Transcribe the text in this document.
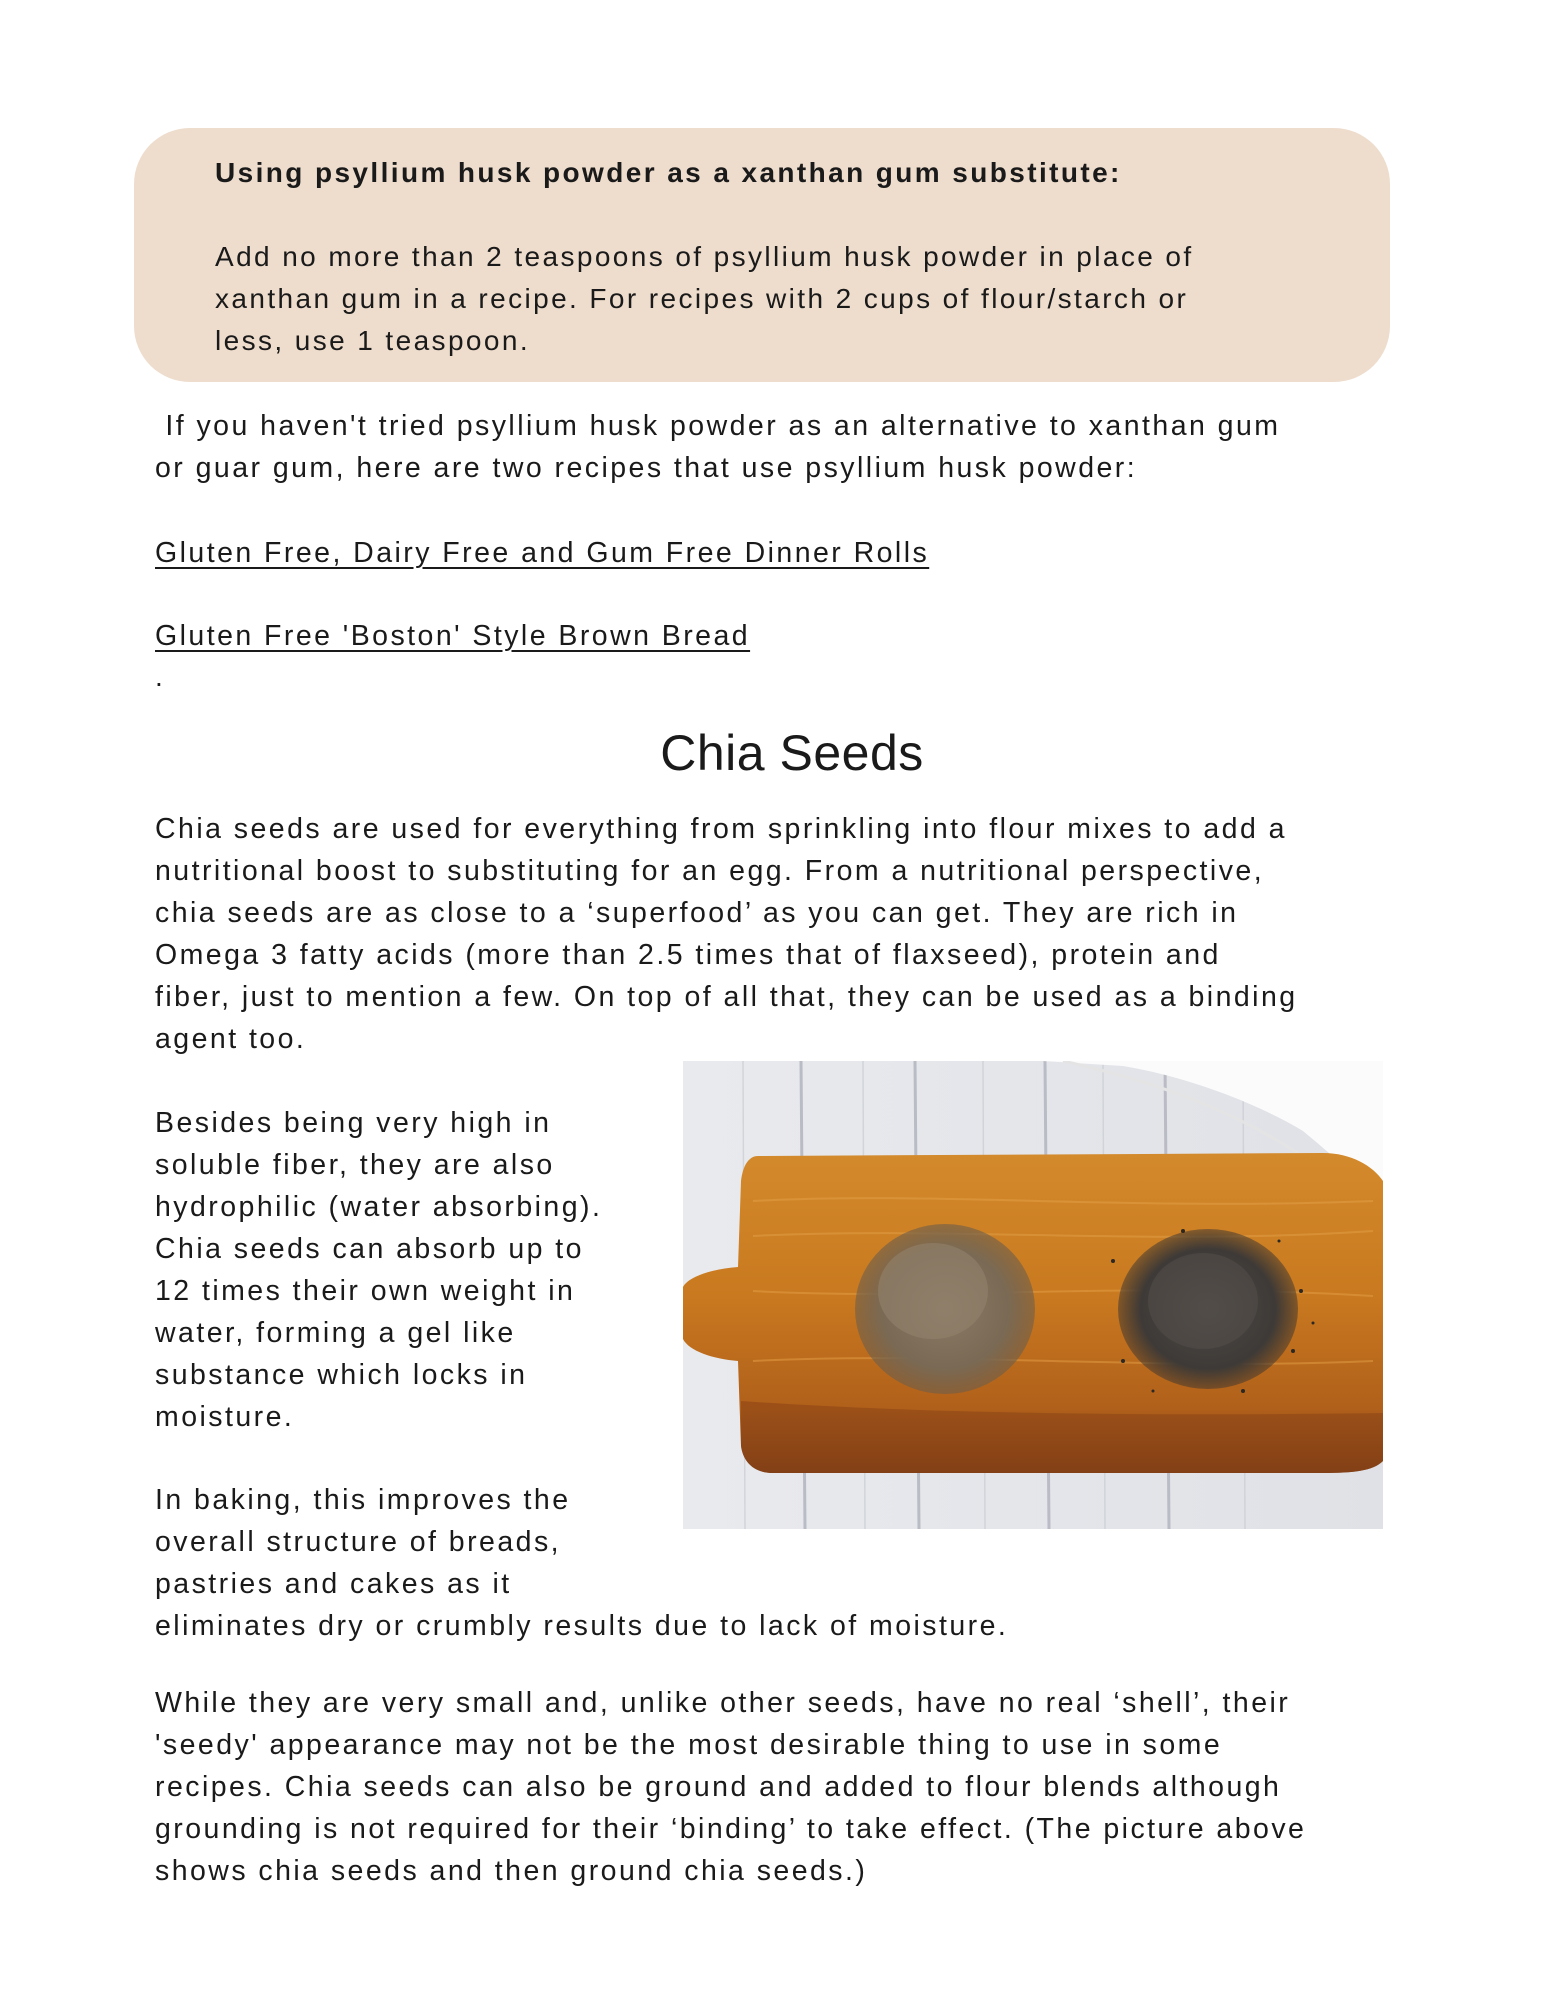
Using psyllium husk powder as a xanthan gum substitute:

Add no more than 2 teaspoons of psyllium husk powder in place of
xanthan gum in a recipe. For recipes with 2 cups of flour/starch or
less, use 1 teaspoon.

If you haven't tried psyllium husk powder as an alternative to xanthan gum
or guar gum, here are two recipes that use psyllium husk powder:

Gluten Free, Dairy Free and Gum Free Dinner Rolls
Gluten Free 'Boston' Style Brown Bread
.
Chia Seeds

Chia seeds are used for everything from sprinkling into flour mixes to add a
nutritional boost to substituting for an egg. From a nutritional perspective,
chia seeds are as close to a ‘superfood’ as you can get. They are rich in
Omega 3 fatty acids (more than 2.5 times that of flaxseed), protein and
fiber, just to mention a few. On top of all that, they can be used as a binding
agent too.

Besides being very high in
soluble fiber, they are also
hydrophilic (water absorbing).
Chia seeds can absorb up to
12 times their own weight in
water, forming a gel like
substance which locks in
moisture.

In baking, this improves the
overall structure of breads,
pastries and cakes as it

eliminates dry or crumbly results due to lack of moisture.

While they are very small and, unlike other seeds, have no real ‘shell’, their
'seedy' appearance may not be the most desirable thing to use in some
recipes. Chia seeds can also be ground and added to flour blends although
grounding is not required for their ‘binding’ to take effect. (The picture above
shows chia seeds and then ground chia seeds.)
